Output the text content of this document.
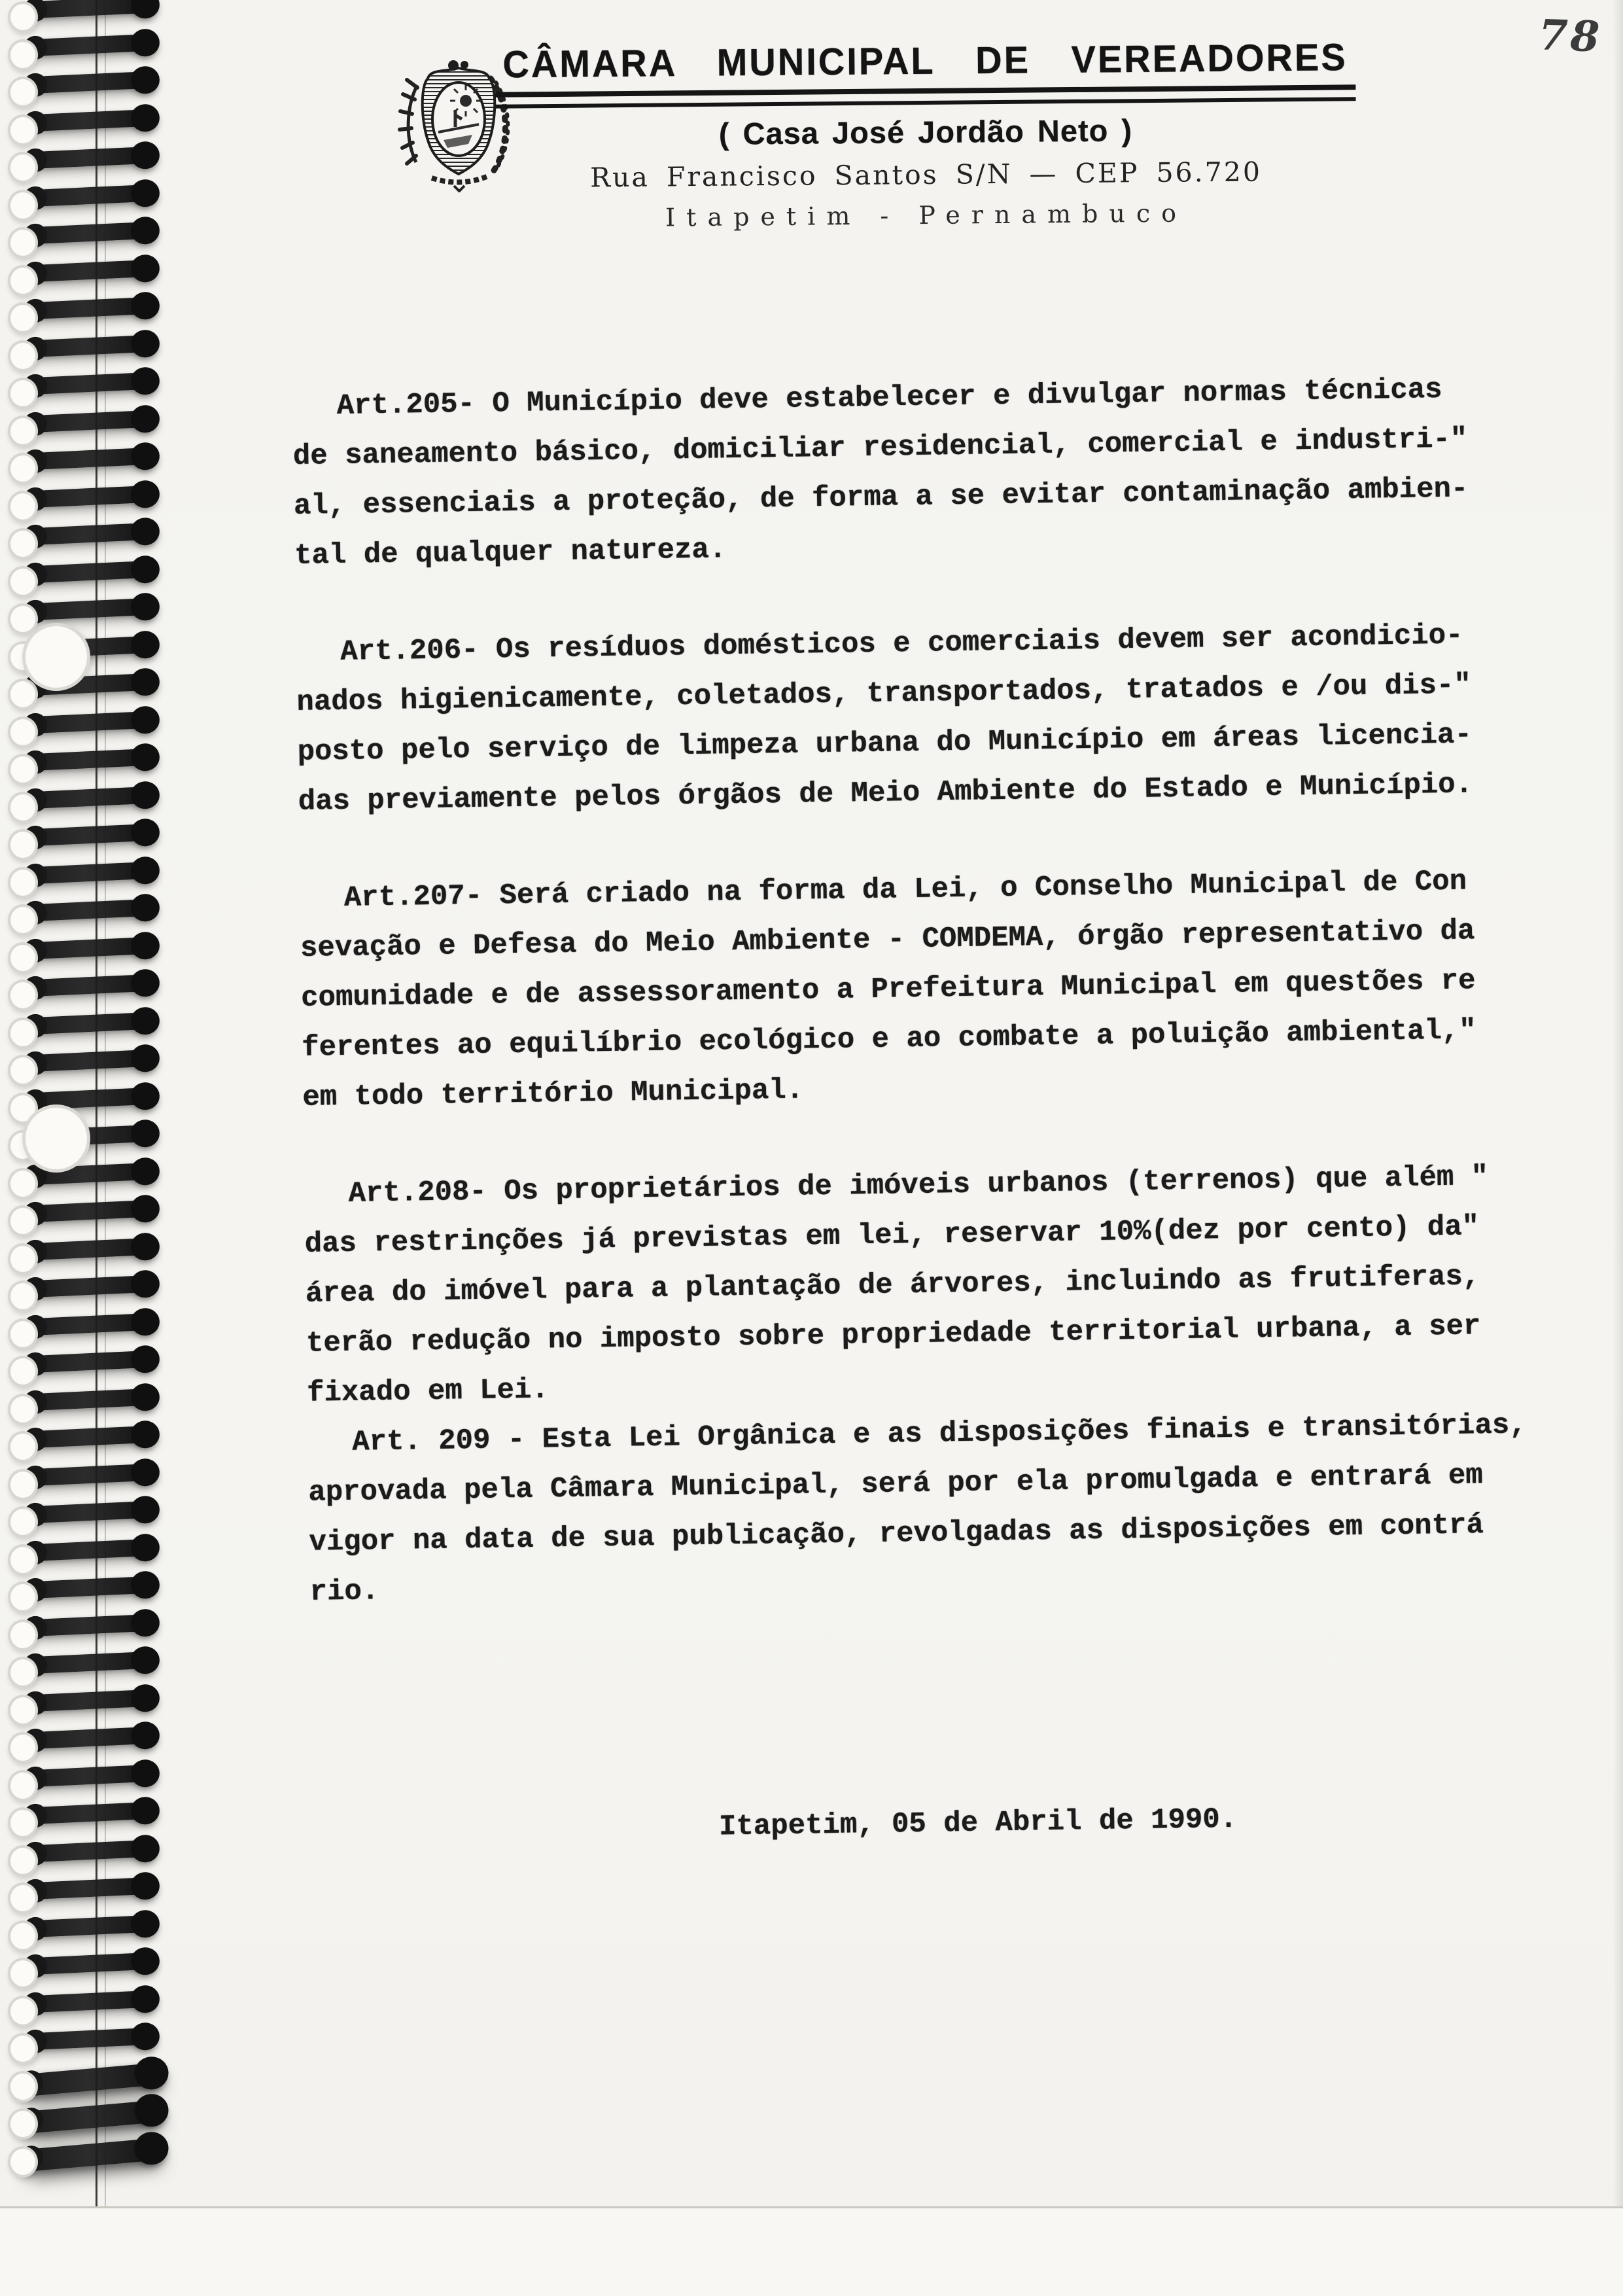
78
CÂMARA MUNICIPAL DE VEREADORES
( Casa José Jordão Neto )
Rua Francisco Santos S/N — CEP 56.720
Itapetim - Pernambuco

Art.205- O Município deve estabelecer e divulgar normas técnicas
de saneamento básico, domiciliar residencial, comercial e industri-"
al, essenciais a proteção, de forma a se evitar contaminação ambien-
tal de qualquer natureza.
Art.206- Os resíduos domésticos e comerciais devem ser acondicio-
nados higienicamente, coletados, transportados, tratados e /ou dis-"
posto pelo serviço de limpeza urbana do Município em áreas licencia-
das previamente pelos órgãos de Meio Ambiente do Estado e Município.
Art.207- Será criado na forma da Lei, o Conselho Municipal de Con
sevação e Defesa do Meio Ambiente - COMDEMA, órgão representativo da
comunidade e de assessoramento a Prefeitura Municipal em questões re
ferentes ao equilíbrio ecológico e ao combate a poluição ambiental,"
em todo território Municipal.
Art.208- Os proprietários de imóveis urbanos (terrenos) que além "
das restrinções já previstas em lei, reservar 10%(dez por cento) da"
área do imóvel para a plantação de árvores, incluindo as frutiferas,
terão redução no imposto sobre propriedade territorial urbana, a ser
fixado em Lei.
Art. 209 - Esta Lei Orgânica e as disposições finais e transitórias,
aprovada pela Câmara Municipal, será por ela promulgada e entrará em
vigor na data de sua publicação, revolgadas as disposições em contrá
rio.

Itapetim, 05 de Abril de 1990.
